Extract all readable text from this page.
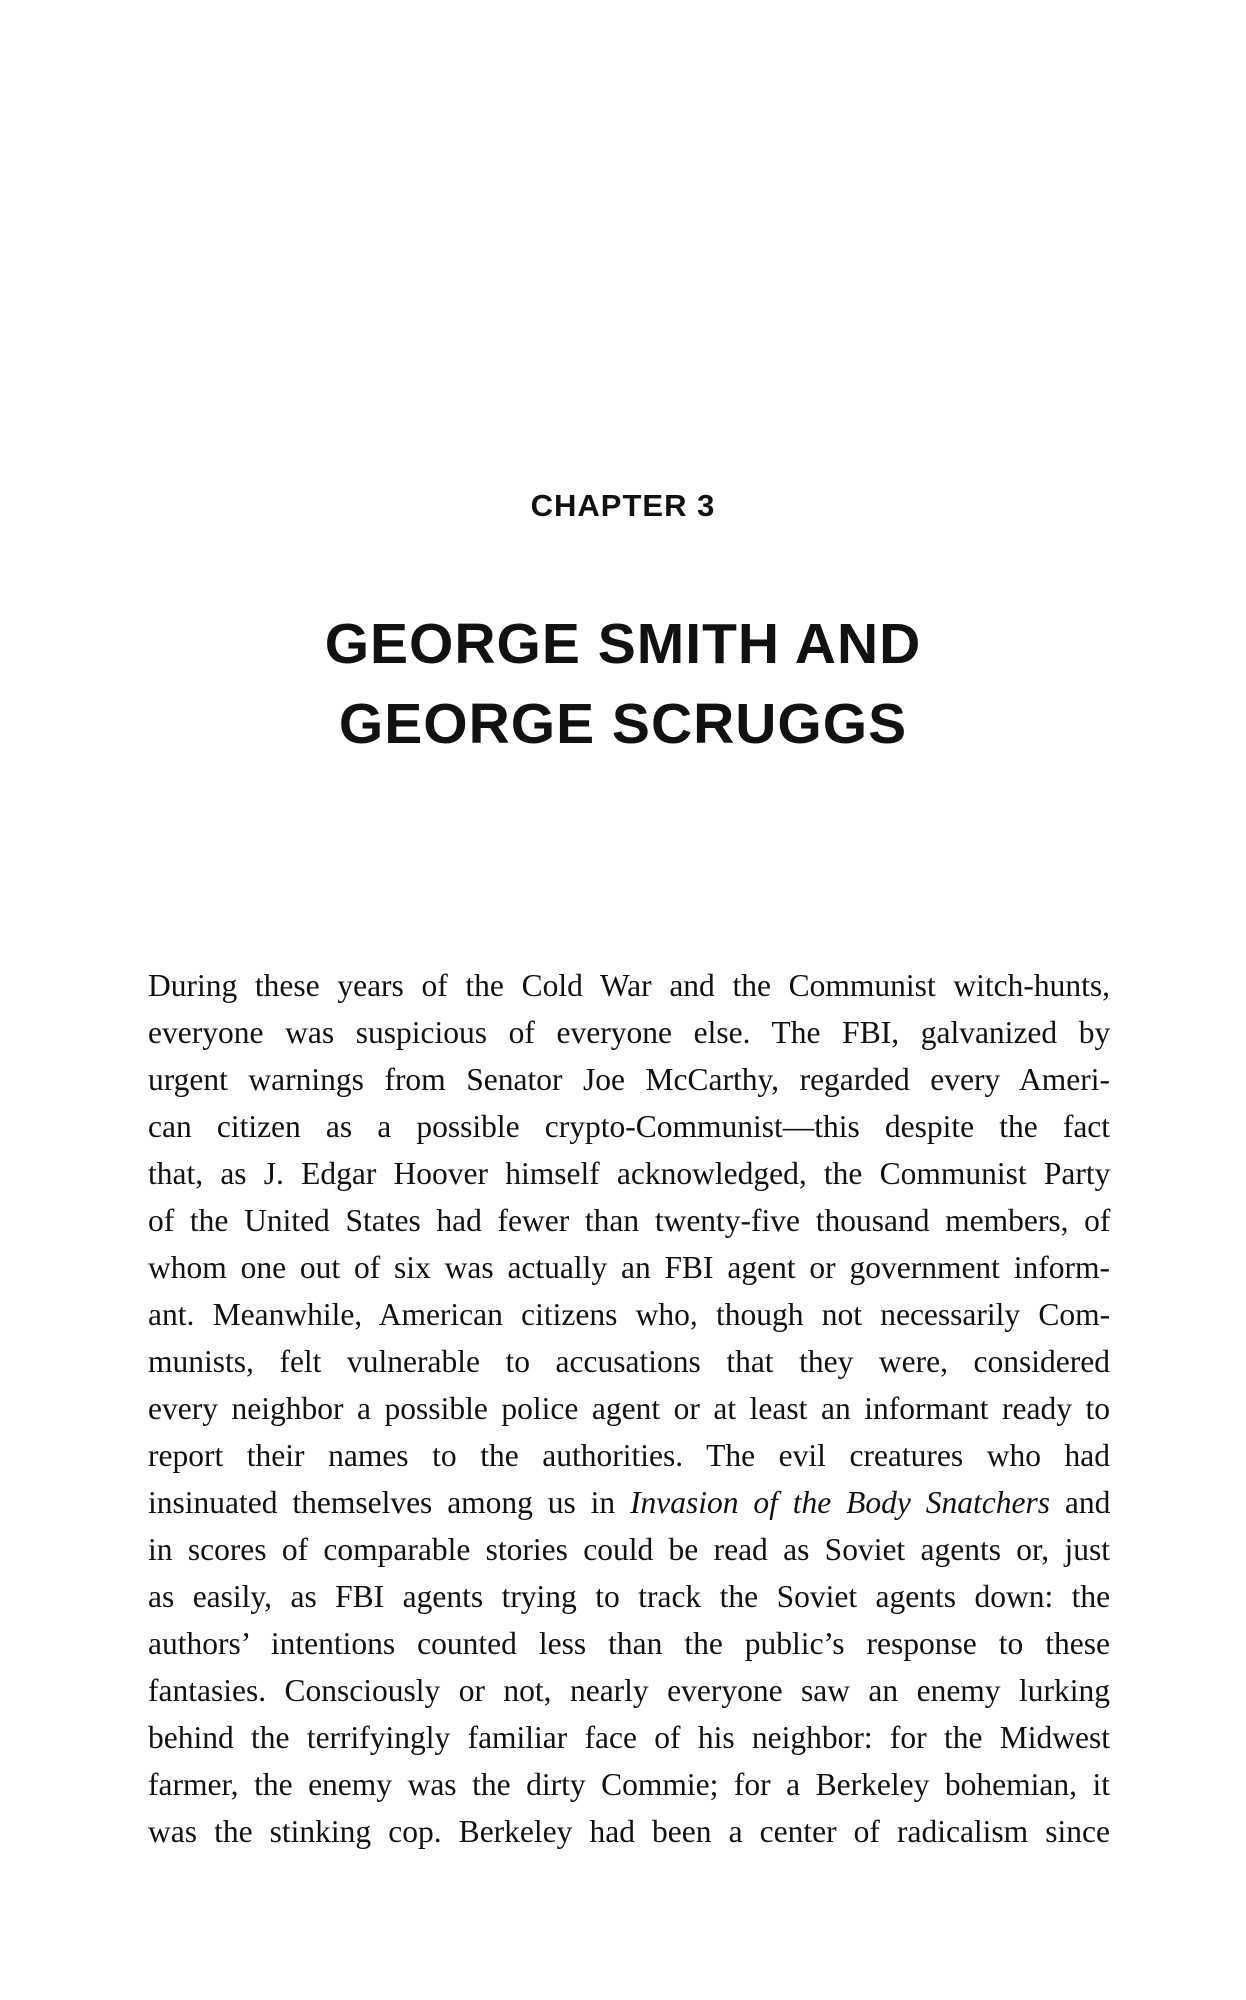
CHAPTER 3
GEORGE SMITH AND
GEORGE SCRUGGS
During these years of the Cold War and the Communist witch-hunts,
everyone was suspicious of everyone else. The FBI, galvanized by
urgent warnings from Senator Joe McCarthy, regarded every Ameri-
can citizen as a possible crypto-Communist—this despite the fact
that, as J. Edgar Hoover himself acknowledged, the Communist Party
of the United States had fewer than twenty-five thousand members, of
whom one out of six was actually an FBI agent or government inform-
ant. Meanwhile, American citizens who, though not necessarily Com-
munists, felt vulnerable to accusations that they were, considered
every neighbor a possible police agent or at least an informant ready to
report their names to the authorities. The evil creatures who had
insinuated themselves among us in Invasion of the Body Snatchers and
in scores of comparable stories could be read as Soviet agents or, just
as easily, as FBI agents trying to track the Soviet agents down: the
authors’ intentions counted less than the public’s response to these
fantasies. Consciously or not, nearly everyone saw an enemy lurking
behind the terrifyingly familiar face of his neighbor: for the Midwest
farmer, the enemy was the dirty Commie; for a Berkeley bohemian, it
was the stinking cop. Berkeley had been a center of radicalism since
